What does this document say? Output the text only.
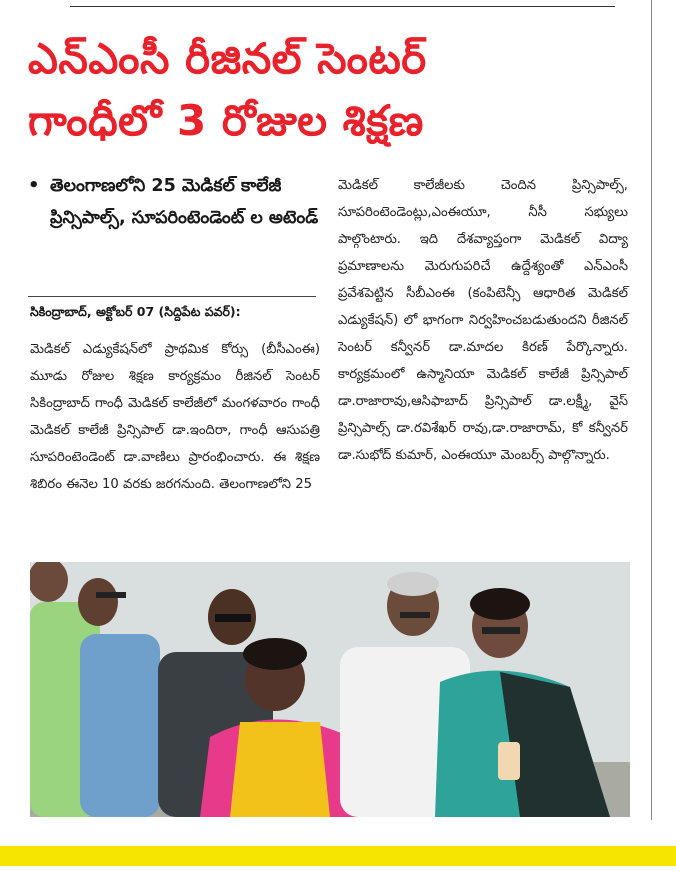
ఎన్ఎంసీ రీజినల్ సెంటర్
గాంధీలో 3 రోజుల శిక్షణ
• తెలంగాణలోని 25 మెడికల్ కాలేజీ ప్రిన్సిపాల్స్, సూపరింటెండెంట్ ల అటెండ్
సికింద్రాబాద్, అక్టోబర్ 07 (సిద్దిపేట పవర్):

మెడికల్ ఎడ్యుకేషన్‌లో ప్రాథమిక కోర్సు (బీసీఎంఈ) మూడు రోజుల శిక్షణ కార్యక్రమం రీజినల్ సెంటర్ సికింద్రాబాద్ గాంధీ మెడికల్ కాలేజీలో మంగళవారం గాంధీ మెడికల్ కాలేజీ ప్రిన్సిపాల్ డా.ఇందిరా, గాంధీ ఆసుపత్రి సూపరింటెండెంట్ డా.వాణిలు ప్రారంభించారు. ఈ శిక్షణ శిబిరం ఈనెల 10 వరకు జరగనుంది. తెలంగాణలోని 25

మెడికల్ కాలేజీలకు చెందిన ప్రిన్సిపాల్స్, సూపరింటెండెంట్లు,ఎంఈయూ, నీసీ సభ్యులు పాల్గొంటారు. ఇది దేశవ్యాప్తంగా మెడికల్ విద్యా ప్రమాణాలను మెరుగుపరిచే ఉద్దేశ్యంతో ఎన్ఎంసీ ప్రవేశపెట్టిన సీబీఎంఈ (కంపిటెన్సీ ఆధారిత మెడికల్ ఎడ్యుకేషన్) లో భాగంగా నిర్వహించబడుతుందని రీజినల్ సెంటర్ కన్వీనర్ డా.మాదల కిరణ్ పేర్కొన్నారు. కార్యక్రమంలో ఉస్మానియా మెడికల్ కాలేజీ ప్రిన్సిపాల్ డా.రాజారావు,ఆసిఫాబాద్ ప్రిన్సిపాల్ డా.లక్ష్మీ, వైస్ ప్రిన్సిపాల్స్ డా.రవిశేఖర్ రావు,డా.రాజారామ్, కో కన్వీనర్ డా.సుభోద్ కుమార్, ఎంఈయూ మెంబర్స్ పాల్గొన్నారు.
